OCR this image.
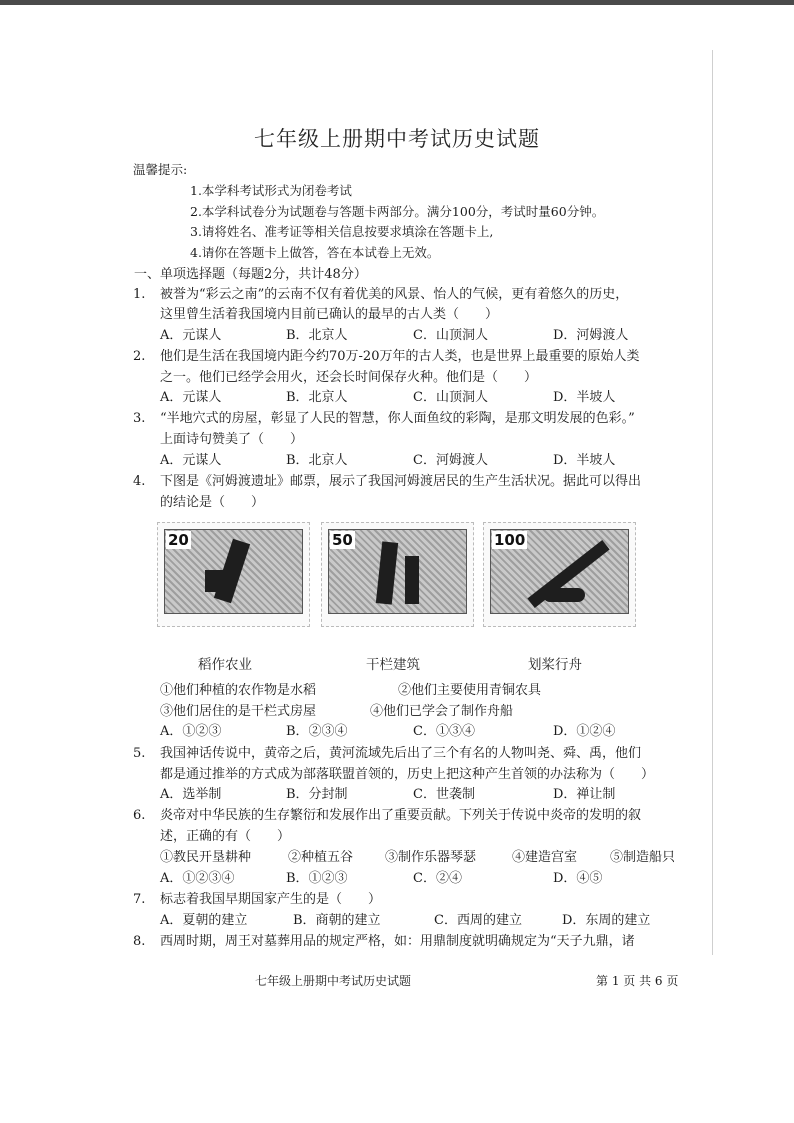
七年级上册期中考试历史试题
温馨提示:
1.本学科考试形式为闭卷考试
2.本学科试卷分为试题卷与答题卡两部分。满分100分，考试时量60分钟。
3.请将姓名、准考证等相关信息按要求填涂在答题卡上,
4.请你在答题卡上做答，答在本试卷上无效。
一、单项选择题（每题2分，共计48分）
1. 被誉为“彩云之南”的云南不仅有着优美的风景、怡人的气候，更有着悠久的历史，
这里曾生活着我国境内目前已确认的最早的古人类（　　）
A．元谋人	B．北京人	C．山顶洞人	D．河姆渡人
2. 他们是生活在我国境内距今约70万-20万年的古人类，也是世界上最重要的原始人类
之一。他们已经学会用火，还会长时间保存火种。他们是（　　）
A．元谋人	B．北京人	C．山顶洞人	D．半坡人
3. “半地穴式的房屋，彰显了人民的智慧，你人面鱼纹的彩陶，是那文明发展的色彩。”
上面诗句赞美了（　　）
A．元谋人	B．北京人	C．河姆渡人	D．半坡人
4. 下图是《河姆渡遗址》邮票，展示了我国河姆渡居民的生产生活状况。据此可以得出
的结论是（　　）
20	50	100
稻作农业	干栏建筑	划桨行舟
①他们种植的农作物是水稻	②他们主要使用青铜农具
③他们居住的是干栏式房屋	④他们已学会了制作舟船
A．①②③	B．②③④	C．①③④	D．①②④
5. 我国神话传说中，黄帝之后，黄河流域先后出了三个有名的人物叫尧、舜、禹，他们
都是通过推举的方式成为部落联盟首领的，历史上把这种产生首领的办法称为（　　）
A．选举制	B．分封制	C．世袭制	D．禅让制
6. 炎帝对中华民族的生存繁衍和发展作出了重要贡献。下列关于传说中炎帝的发明的叙
述，正确的有（　　）
①教民开垦耕种	②种植五谷 ③制作乐器琴瑟	④建造宫室	⑤制造船只
A．①②③④	B．①②③	C．②④	D．④⑤
7. 标志着我国早期国家产生的是（　　）
A．夏朝的建立	B．商朝的建立	C．西周的建立	D．东周的建立
8. 西周时期，周王对墓葬用品的规定严格，如：用鼎制度就明确规定为“天子九鼎，诸
七年级上册期中考试历史试题	第 1 页 共 6 页
